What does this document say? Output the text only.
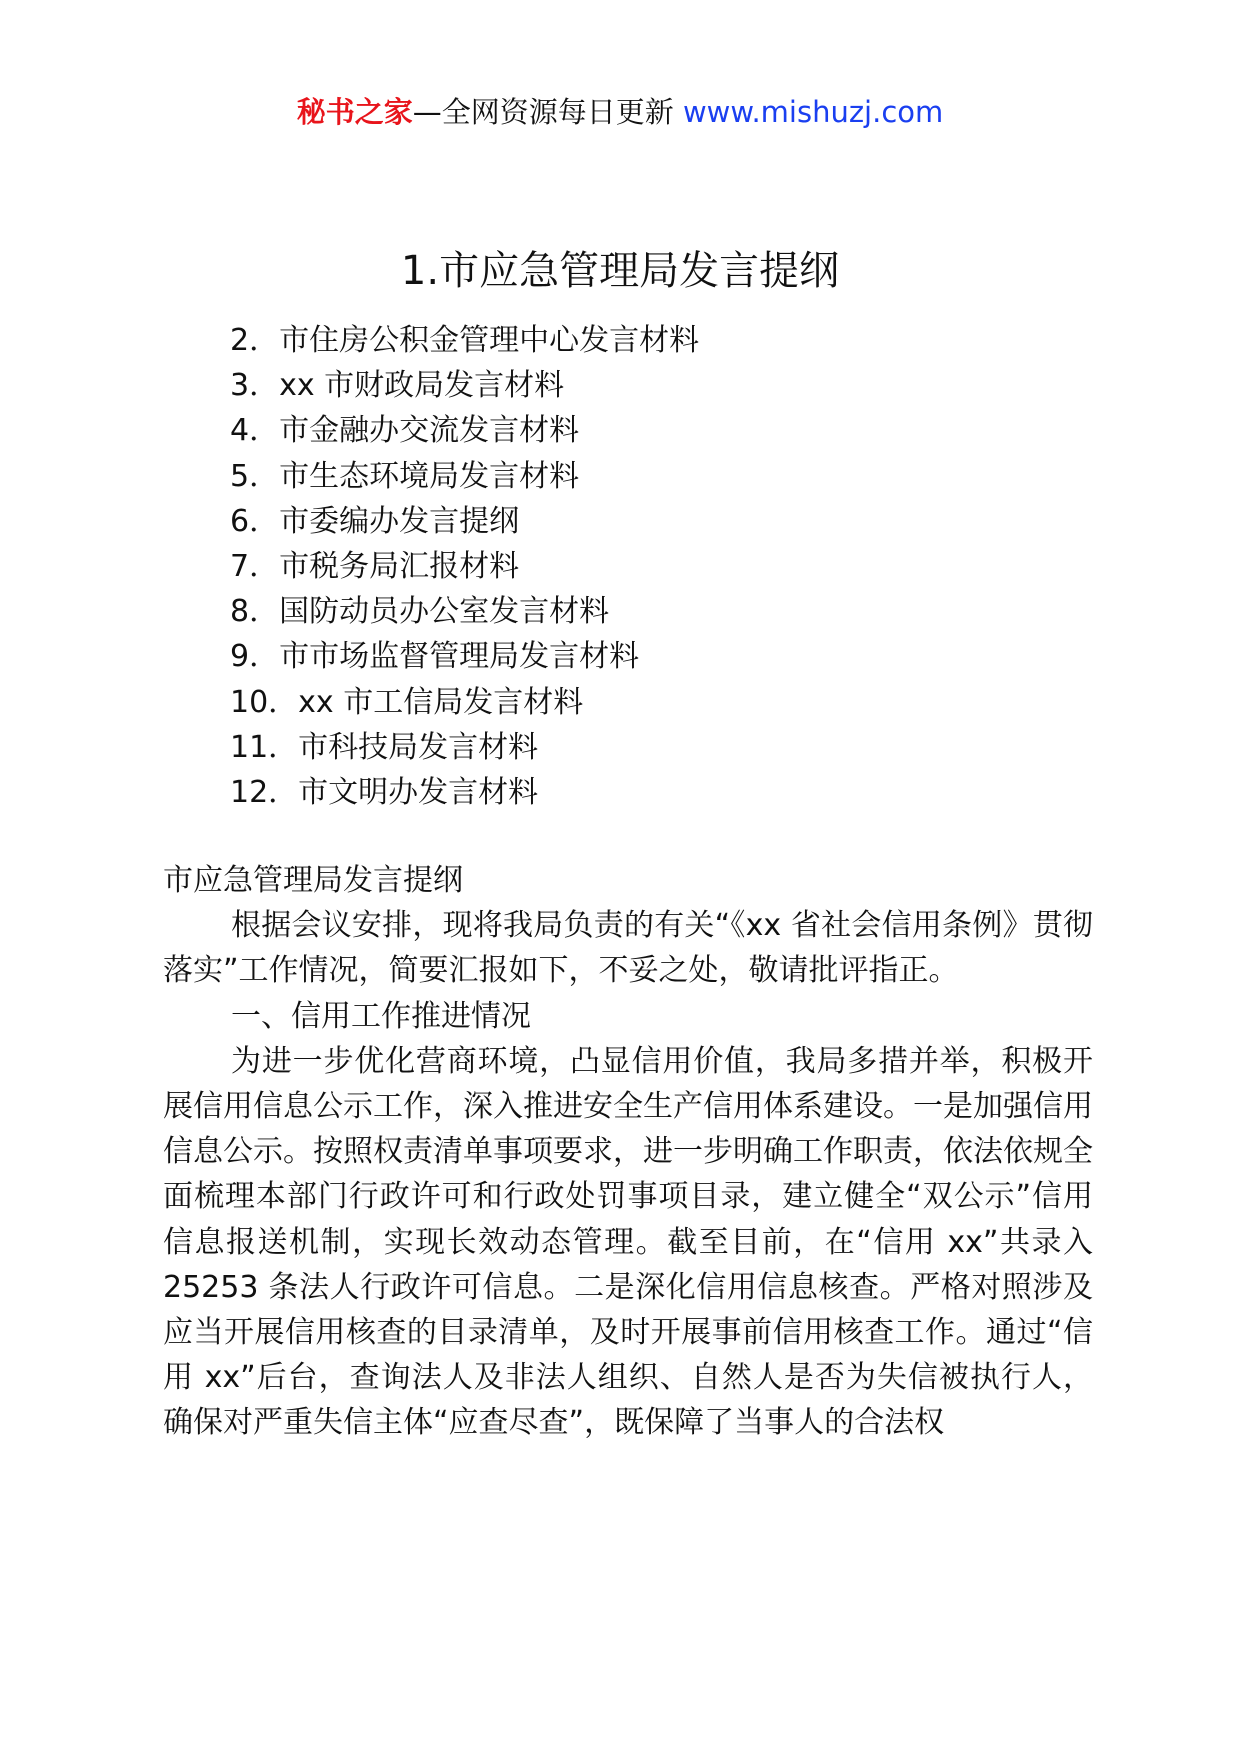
秘书之家—全网资源每日更新 www.mishuzj.com
1.市应急管理局发言提纲
2．市住房公积金管理中心发言材料
3．xx 市财政局发言材料
4．市金融办交流发言材料
5．市生态环境局发言材料
6．市委编办发言提纲
7．市税务局汇报材料
8．国防动员办公室发言材料
9．市市场监督管理局发言材料
10．xx 市工信局发言材料
11．市科技局发言材料
12．市文明办发言材料

市应急管理局发言提纲

根据会议安排，现将我局负责的有关“《xx 省社会信用条例》贯彻落实”工作情况，简要汇报如下，不妥之处，敬请批评指正。

一、信用工作推进情况

为进一步优化营商环境，凸显信用价值，我局多措并举，积极开展信用信息公示工作，深入推进安全生产信用体系建设。一是加强信用信息公示。按照权责清单事项要求，进一步明确工作职责，依法依规全面梳理本部门行政许可和行政处罚事项目录，建立健全“双公示”信用信息报送机制，实现长效动态管理。截至目前，在“信用 xx”共录入 25253 条法人行政许可信息。二是深化信用信息核查。严格对照涉及应当开展信用核查的目录清单，及时开展事前信用核查工作。通过“信用 xx”后台，查询法人及非法人组织、自然人是否为失信被执行人，确保对严重失信主体“应查尽查”，既保障了当事人的合法权
